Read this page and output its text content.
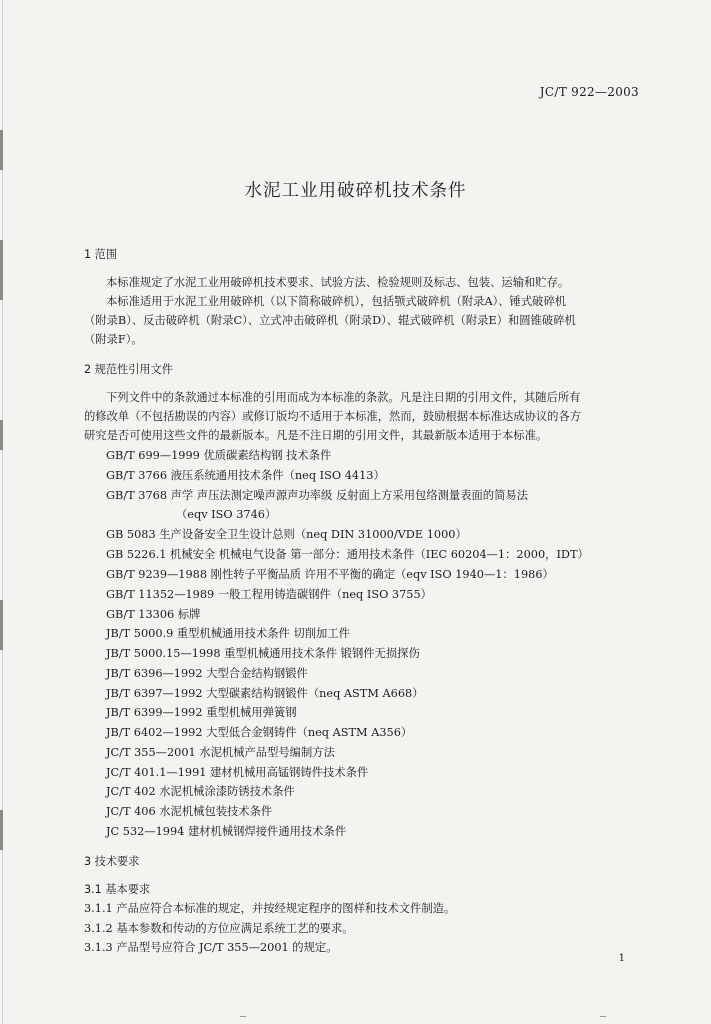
JC/T 922—2003
水泥工业用破碎机技术条件
1 范围
本标准规定了水泥工业用破碎机技术要求、试验方法、检验规则及标志、包装、运输和贮存。
本标准适用于水泥工业用破碎机（以下简称破碎机），包括颚式破碎机（附录A）、锤式破碎机
（附录B）、反击破碎机（附录C）、立式冲击破碎机（附录D）、辊式破碎机（附录E）和圆锥破碎机
（附录F）。
2 规范性引用文件
下列文件中的条款通过本标准的引用而成为本标准的条款。凡是注日期的引用文件，其随后所有
的修改单（不包括勘误的内容）或修订版均不适用于本标准，然而，鼓励根据本标准达成协议的各方
研究是否可使用这些文件的最新版本。凡是不注日期的引用文件，其最新版本适用于本标准。
GB/T 699—1999 优质碳素结构钢 技术条件
GB/T 3766 液压系统通用技术条件（neq ISO 4413）
GB/T 3768 声学 声压法测定噪声源声功率级 反射面上方采用包络测量表面的简易法
（eqv ISO 3746）
GB 5083 生产设备安全卫生设计总则（neq DIN 31000/VDE 1000）
GB 5226.1 机械安全 机械电气设备 第一部分：通用技术条件（IEC 60204—1：2000，IDT）
GB/T 9239—1988 刚性转子平衡品质 许用不平衡的确定（eqv ISO 1940—1：1986）
GB/T 11352—1989 一般工程用铸造碳钢件（neq ISO 3755）
GB/T 13306 标牌
JB/T 5000.9 重型机械通用技术条件 切削加工件
JB/T 5000.15—1998 重型机械通用技术条件 锻钢件无损探伤
JB/T 6396—1992 大型合金结构钢锻件
JB/T 6397—1992 大型碳素结构钢锻件（neq ASTM A668）
JB/T 6399—1992 重型机械用弹簧钢
JB/T 6402—1992 大型低合金钢铸件（neq ASTM A356）
JC/T 355—2001 水泥机械产品型号编制方法
JC/T 401.1—1991 建材机械用高锰钢铸件技术条件
JC/T 402 水泥机械涂漆防锈技术条件
JC/T 406 水泥机械包装技术条件
JC 532—1994 建材机械钢焊接件通用技术条件
3 技术要求
3.1 基本要求
3.1.1 产品应符合本标准的规定，并按经规定程序的图样和技术文件制造。
3.1.2 基本参数和传动的方位应满足系统工艺的要求。
3.1.3 产品型号应符合 JC/T 355—2001 的规定。
1
